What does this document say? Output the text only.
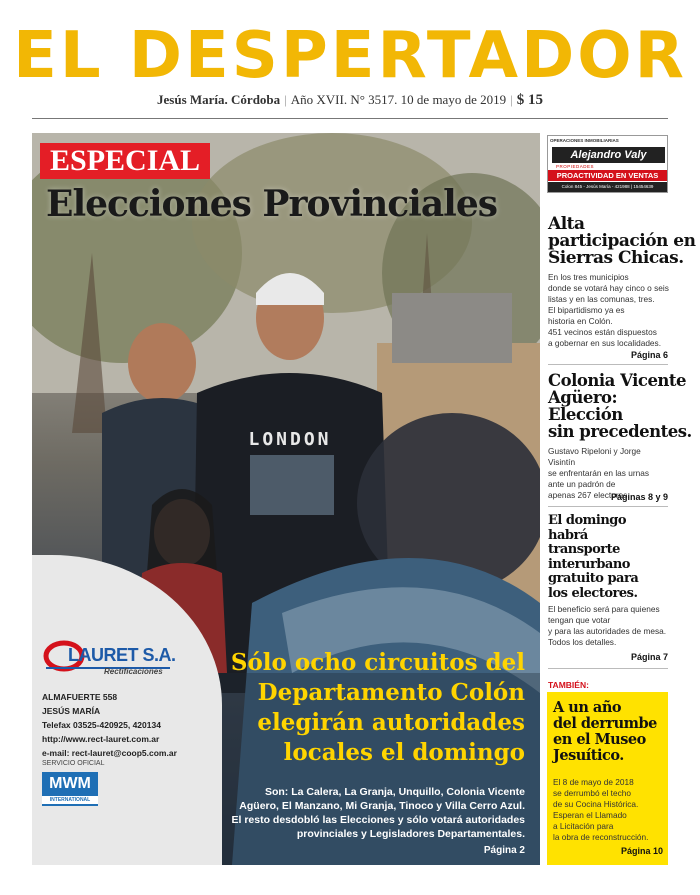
EL DESPERTADOR
Jesús María. Córdoba | Año XVII. N° 3517. 10 de mayo de 2019 | $ 15
LONDON
ESPECIAL
Elecciones Provinciales
LAURET S.A.
Rectificaciones
ALMAFUERTE 558
JESÚS MARÍA
Telefax 03525-420925, 420134
http://www.rect-lauret.com.ar
e-mail: rect-lauret@coop5.com.ar
SERVICIO OFICIAL
MWM
INTERNATIONAL
Sólo ocho circuitos del
Departamento Colón
elegirán autoridades
locales el domingo
Son: La Calera, La Granja, Unquillo, Colonia Vicente Agüero, El Manzano, Mi Granja, Tinoco y Villa Cerro Azul. El resto desdobló las Elecciones y sólo votará autoridades provinciales y Legisladores Departamentales.
Página 2
OPERACIONES INMOBILIARIAS
Alejandro Valy
PROPIEDADES
PROACTIVIDAD EN VENTAS
Colon 845 - Jesús María - 421988 | 15454639
Alta
participación en
Sierras Chicas.
En los tres municipios
donde se votará hay cinco o seis
listas y en las comunas, tres.
El bipartidismo ya es
historia en Colón.
451 vecinos están dispuestos
a gobernar en sus localidades.
Página 6
Colonia Vicente
Agüero:
Elección
sin precedentes.
Gustavo Ripeloni y Jorge Visintín
se enfrentarán en las urnas
ante un padrón de
apenas 267 electores.
Páginas 8 y 9
El domingo
habrá
transporte
interurbano
gratuito para
los electores.
El beneficio será para quienes
tengan que votar
y para las autoridades de mesa.
Todos los detalles.
Página 7
TAMBIÉN:
A un año
del derrumbe
en el Museo
Jesuítico.
El 8 de mayo de 2018
se derrumbó el techo
de su Cocina Histórica.
Esperan el Llamado
a Licitación para
la obra de reconstrucción.
Página 10
